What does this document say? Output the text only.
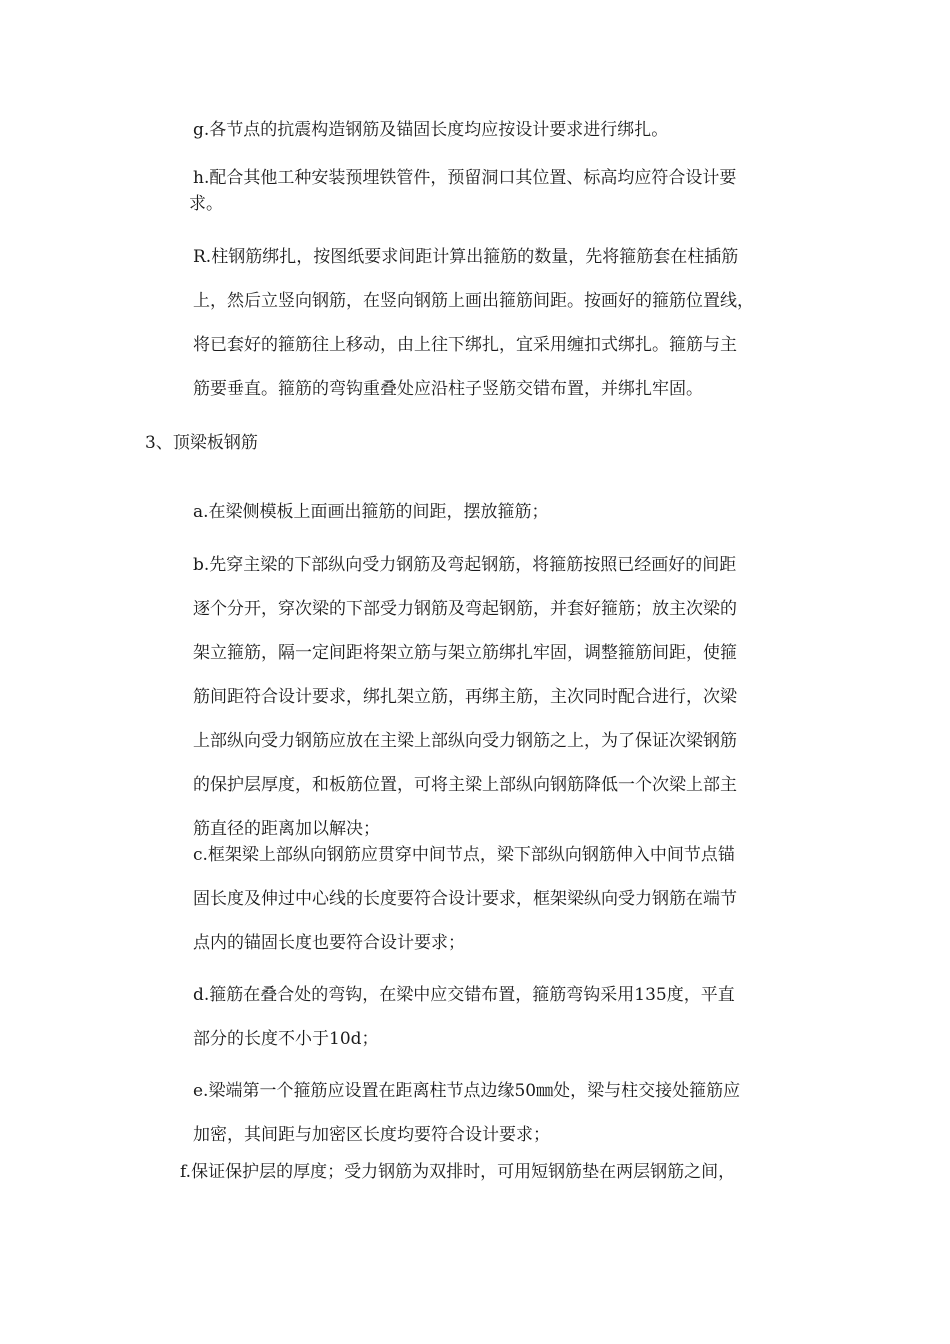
g.各节点的抗震构造钢筋及锚固长度均应按设计要求进行绑扎。

h.配合其他工种安装预埋铁管件，预留洞口其位置、标高均应符合设计要
求。

R.柱钢筋绑扎，按图纸要求间距计算出箍筋的数量，先将箍筋套在柱插筋
上，然后立竖向钢筋，在竖向钢筋上画出箍筋间距。按画好的箍筋位置线，
将已套好的箍筋往上移动，由上往下绑扎，宜采用缠扣式绑扎。箍筋与主
筋要垂直。箍筋的弯钩重叠处应沿柱子竖筋交错布置，并绑扎牢固。

3、顶梁板钢筋

a.在梁侧模板上面画出箍筋的间距，摆放箍筋；

b.先穿主梁的下部纵向受力钢筋及弯起钢筋，将箍筋按照已经画好的间距
逐个分开，穿次梁的下部受力钢筋及弯起钢筋，并套好箍筋；放主次梁的
架立箍筋，隔一定间距将架立筋与架立筋绑扎牢固，调整箍筋间距，使箍
筋间距符合设计要求，绑扎架立筋，再绑主筋，主次同时配合进行，次梁
上部纵向受力钢筋应放在主梁上部纵向受力钢筋之上，为了保证次梁钢筋
的保护层厚度，和板筋位置，可将主梁上部纵向钢筋降低一个次梁上部主
筋直径的距离加以解决；

c.框架梁上部纵向钢筋应贯穿中间节点，梁下部纵向钢筋伸入中间节点锚
固长度及伸过中心线的长度要符合设计要求，框架梁纵向受力钢筋在端节
点内的锚固长度也要符合设计要求；

d.箍筋在叠合处的弯钩，在梁中应交错布置，箍筋弯钩采用135度，平直
部分的长度不小于10d；

e.梁端第一个箍筋应设置在距离柱节点边缘50㎜处，梁与柱交接处箍筋应
加密，其间距与加密区长度均要符合设计要求；

f.保证保护层的厚度；受力钢筋为双排时，可用短钢筋垫在两层钢筋之间，
